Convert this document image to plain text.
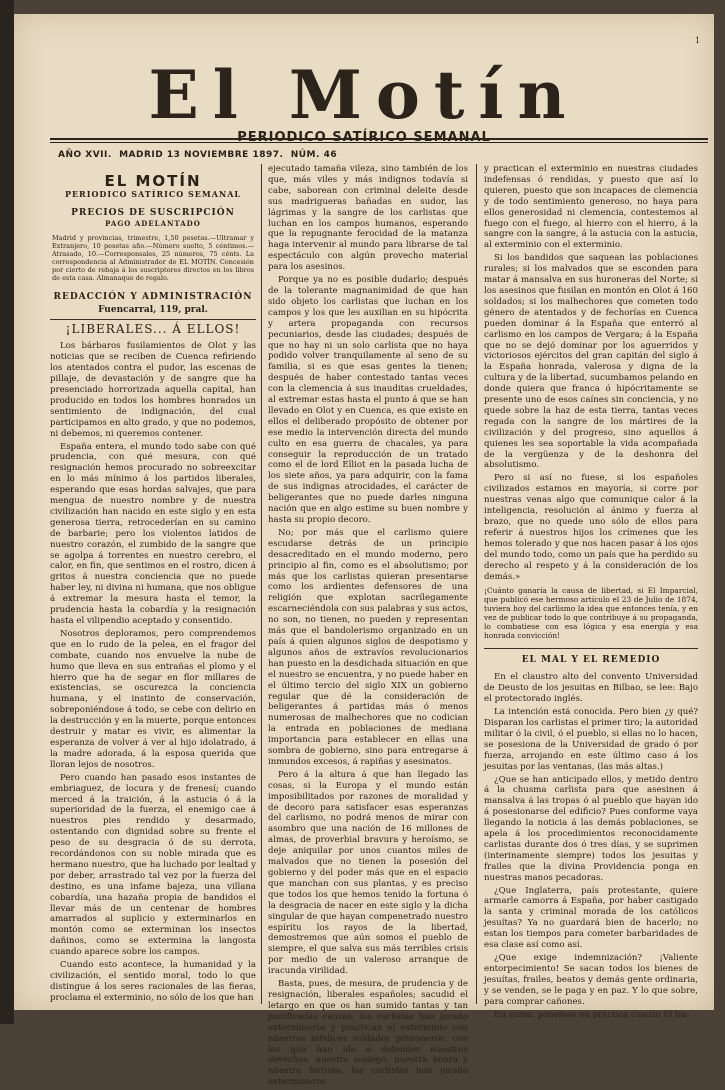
1
El Motín
PERIODICO SATÍRICO SEMANAL
AÑO XVII. MADRID 13 NOVIEMBRE 1897. NÚM. 46
EL MOTÍN
PERIODICO SATÍRICO SEMANAL
PRECIOS DE SUSCRIPCIÓN
PAGO ADELANTADO
Madrid y provincias, trimestre, 1,50 pesetas.—Ultramar y Extranjero, 10 pesetas año.—Número suelto, 5 céntimos.—Atrasado, 10.—Corresponsales, 25 números, 75 cénts. La correspondencia al Administrador de EL MOTÍN. Concesión por cierto de rebaja á los suscriptores directos en los libros de esta casa. Almanaque de regalo.
REDACCIÓN Y ADMINISTRACIÓN
Fuencarral, 119, pral.
¡LIBERALES... Á ELLOS!

Los bárbaros fusilamientos de Olot y las noticias que se reciben de Cuenca refiriendo los atentados contra el pudor, las escenas de pillaje, de devastación y de sangre que ha presenciado horrorizada aquella capital, han producido en todos los hombres honrados un sentimiento de indignación, del cual participamos en alto grado, y que no podemos, ni debemos, ni queremos contener.

España entera, el mundo todo sabe con qué prudencia, con qué mesura, con qué resignación hemos procurado no sobreexcitar en lo más mínimo á los partidos liberales, esperando que esas hordas salvajes, que para mengua de nuestro nombre y de nuestra civilización han nacido en este siglo y en esta generosa tierra, retrocederían en su camino de barbarie; pero los violentos latidos de nuestro corazón, el zumbido de la sangre que se agolpa á torrentes en nuestro cerebro, el calor, en fin, que sentimos en el rostro, dicen á gritos á nuestra conciencia que no puede haber ley, ni divina ni humana, que nos obligue á extremar la mesura hasta el temor, la prudencia hasta la cobardía y la resignación hasta el vilipendio aceptado y consentido.

Nosotros deploramos, pero comprendemos que en lo rudo de la pelea, en el fragor del combate, cuando nos envuelve la nube de humo que lleva en sus entrañas el plomo y el hierro que ha de segar en flor millares de existencias, se oscurezca la conciencia humana, y el instinto de conservación, sobreponiéndose á todo, se cebe con delirio en la destrucción y en la muerte, porque entonces destruir y matar es vivir, es alimentar la esperanza de volver á ver al hijo idolatrado, á la madre adorada, á la esposa querida que lloran lejos de nosotros.

Pero cuando han pasado esos instantes de embriaguez, de locura y de frenesí; cuando merced á la traición, á la astucia ó á la superioridad de la fuerza, el enemigo cae á nuestros pies rendido y desarmado, ostentando con dignidad sobre su frente el peso de su desgracia ó de su derrota, recordándonos con su noble mirada que es hermano nuestro, que ha luchado por lealtad y por deber, arrastrado tal vez por la fuerza del destino, es una infame bajeza, una villana cobardía, una hazaña propia de bandidos el llevar más de un centenar de hombres amarrados al suplicio y exterminarlos en montón como se exterminan los insectos dañinos, como se extermina la langosta cuando aparece sobre los campos.

Cuando esto acontece, la humanidad y la civilización, el sentido moral, todo lo que distingue á los seres racionales de las fieras, proclama el exterminio, no sólo de los que han

ejecutado tamaña vileza, sino también de los que, más viles y más indignos todavía si cabe, saborean con criminal deleite desde sus madrigueras bañadas en sudor, las lágrimas y la sangre de los carlistas que luchan en los campos humanos, esperando que la repugnante ferocidad de la matanza haga intervenir al mundo para librarse de tal espectáculo con algún provecho material para los asesinos.

Porque ya no es posible dudarlo; después de la tolerante magnanimidad de que han sido objeto los carlistas que luchan en los campos y los que les auxilian en su hipócrita y artera propaganda con recursos pecuniarios, desde las ciudades; después de que no hay ni un solo carlista que no haya podido volver tranquilamente al seno de su familia, si es que esas gentes la tienen; después de haber contestado tantas veces con la clemencia á sus inauditas crueldades, al extremar estas hasta el punto á que se han llevado en Olot y en Cuenca, es que existe en ellos el deliberado propósito de obtener por ese medio la intervención directa del mundo culto en esa guerra de chacales, ya para conseguir la reproducción de un tratado como el de lord Elliot en la pasada lucha de los siete años, ya para adquirir, con la fama de sus indignas atrocidades, el carácter de beligerantes que no puede darles ninguna nación que en algo estime su buen nombre y hasta su propio decoro.

No; por más que el carlismo quiere escudarse detrás de un principio desacreditado en el mundo moderno, pero principio al fin, como es el absolutismo; por más que los carlistas quieran presentarse como los ardientes defensores de una religión que explotan sacrílegamente escarneciéndola con sus palabras y sus actos, no son, no tienen, no pueden y representan más que el bandolerismo organizado en un país á quien algunos siglos de despotismo y algunos años de extravíos revolucionarios han puesto en la desdichada situación en que el nuestro se encuentra, y no puede haber en el último tercio del siglo XIX un gobierno regular que dé la consideración de beligerantes á partidas más ó menos numerosas de malhechores que no codician la entrada en poblaciones de mediana importancia para establecer en ellas una sombra de gobierno, sino para entregarse á inmundos excesos, á rapiñas y asesinatos.

Pero á la altura á que han llegado las cosas, si la Europa y el mundo están imposibilitados por razones de moralidad y de decoro para satisfacer esas esperanzas del carlismo, no podrá menos de mirar con asombro que una nación de 16 millones de almas, de proverbial bravura y heroísmo, se deje aniquilar por unos cuantos miles de malvados que no tienen la posesión del gobierno y del poder más que en el espacio que manchan con sus plantas, y es preciso que todos los que hemos tenido la fortuna ó la desgracia de nacer en este siglo y la dicha singular de que hayan compenetrado nuestro espíritu los rayos de la libertad, demostremos que aún somos el pueblo de siempre, el que salva sus más terribles crisis por medio de un valeroso arranque de iracunda virilidad.

Basta, pues, de mesura, de prudencia y de resignación, liberales españoles; sacudid el letargo en que os han sumido tantas y tan justificadas causas; los carlistas han jurado exterminaros y practican el exterminio con nuestros infelices soldados prisioneros, con los que han ido á defender nuestros derechos, nuestro sosiego, nuestra honra y nuestra fortuna; los carlistas han jurado exterminaros

y practican el exterminio en nuestras ciudades indefensas ó rendidas, y puesto que así lo quieren, puesto que son incapaces de clemencia y de todo sentimiento generoso, no haya para ellos generosidad ni clemencia, contestemos al fuego con el fuego, al hierro con el hierro, á la sangre con la sangre, á la astucia con la astucia, al exterminio con el exterminio.

Si los bandidos que saquean las poblaciones rurales; si los malvados que se esconden para matar á mansalva en sus huroneras del Norte; si los asesinos que fusilan en montón en Olot á 160 soldados; si los malhechores que cometen todo género de atentados y de fechorías en Cuenca pueden dominar á la España que enterró al carlismo en los campos de Vergara; á la España que no se dejó dominar por los aguerridos y victoriosos ejércitos del gran capitán del siglo á la España honrada, valerosa y digna de la cultura y de la libertad, sucumbamos pelando en donde quiera que franca ó hipócritamente se presente uno de esos caínes sin conciencia, y no quede sobre la haz de esta tierra, tantas veces regada con la sangre de los mártires de la civilización y del progreso, sino aquellos á quienes les sea soportable la vida acompañada de la vergüenza y de la deshonra del absolutismo.

Pero si así no fuese, si los españoles civilizados estamos en mayoría, si corre por nuestras venas algo que comunique calor á la inteligencia, resolución al ánimo y fuerza al brazo, que no quede uno sólo de ellos para referir á nuestros hijos los crímenes que les hemos tolerado y que nos hacen pasar á los ojos del mundo todo, como un país que ha perdido su derecho al respeto y á la consideración de los demás.»

¡Cuánto ganaría la causa de libertad, si El Imparcial, que publicó ese hermoso artículo el 23 de Julio de 1874, tuviera hoy del carlismo la idea que entonces tenía, y en vez de publicar todo lo que contribuye á su propaganda, lo combatiese con esa lógica y esa energía y esa honrada convicción!
EL MAL Y EL REMEDIO

En el claustro alto del convento Universidad de Deusto de los jesuitas en Bilbao, se lee: Bajo el protectorado inglés.

La intención está conocida. Pero bien ¿y qué? Disparan los carlistas el primer tiro; la autoridad militar ó la civil, ó el pueblo, si ellas no lo hacen, se posesiona de la Universidad de grado ó por fuerza, arrojando en este último caso á los jesuitas por las ventanas, (las más altas.)

¿Que se han anticipado ellos, y metido dentro á la chusma carlista para que asesinen á mansalva á las tropas ó al pueblo que hayan ido á posesionarse del edificio? Pues conforme vaya llegando la noticia á las demás poblaciones, se apela á los procedimientos reconocidamente carlistas durante dos ó tres días, y se suprimen (interinamente siempre) todos los jesuitas y frailes que la divina Providencia ponga en nuestras manos pecadoras.

¿Que Inglaterra, país protestante, quiere armarle camorra á España, por haber castigado la santa y criminal morada de los católicos jesuítas? Ya no guardará bien de hacerlo; no estan los tiempos para cometer barbaridades de esa clase así como así.

¿Que exige indemnización? ¡Valiente entorpecimiento! Se sacan todos los bienes de jesuítas, frailes, beatos y demás gente ordinaria, y se venden, se le paga y en paz. Y lo que sobre, para comprar cañones.

En suma: ponemos en práctica cuanto El Im-
